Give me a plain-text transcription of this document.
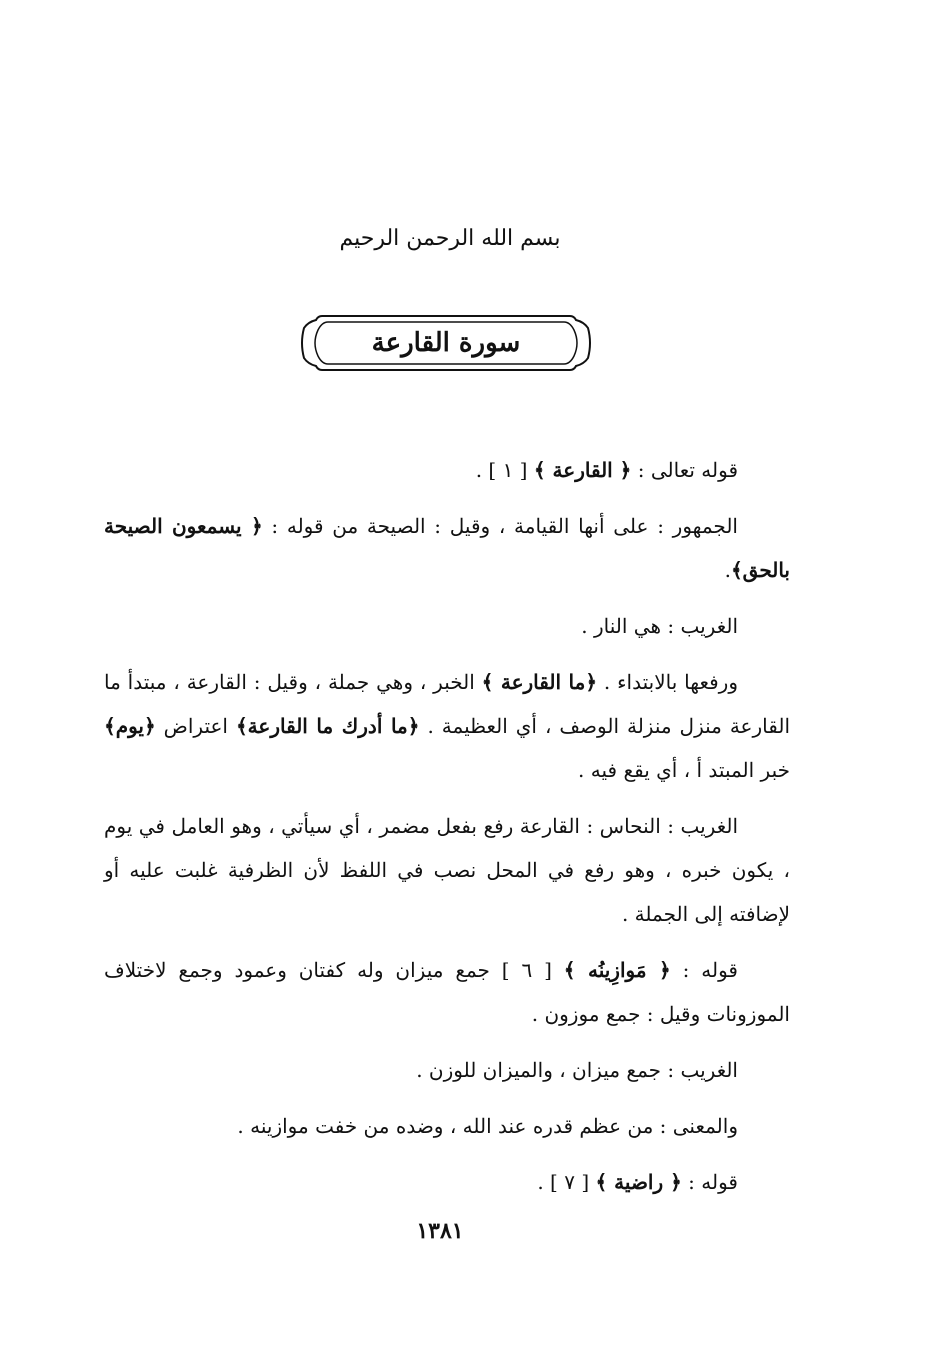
بسم الله الرحمن الرحيم
سورة القارعة

قوله تعالى : ﴿ القارعة ﴾ [ ١ ] .

الجمهور : على أنها القيامة ، وقيل : الصيحة من قوله : ﴿ يسمعون الصيحة بالحق﴾.

الغريب : هي النار .

ورفعها بالابتداء . ﴿ما القارعة ﴾ الخبر ، وهي جملة ، وقيل : القارعة ، مبتدأ ما القارعة منزل منزلة الوصف ، أي العظيمة . ﴿ما أدرك ما القارعة﴾ اعتراض ﴿يوم﴾ خبر المبتد أ ، أي يقع فيه .

الغريب : النحاس : القارعة رفع بفعل مضمر ، أي سيأتي ، وهو العامل في يوم ، يكون خبره ، وهو رفع في المحل نصب في اللفظ لأن الظرفية غلبت عليه أو لإضافته إلى الجملة .

قوله : ﴿ مَوازِينُه ﴾ [ ٦ ] جمع ميزان وله كفتان وعمود وجمع لاختلاف الموزونات وقيل : جمع موزون .

الغريب : جمع ميزان ، والميزان للوزن .

والمعنى : من عظم قدره عند الله ، وضده من خفت موازينه .

قوله : ﴿ راضية ﴾ [ ٧ ] .

١٣٨١
